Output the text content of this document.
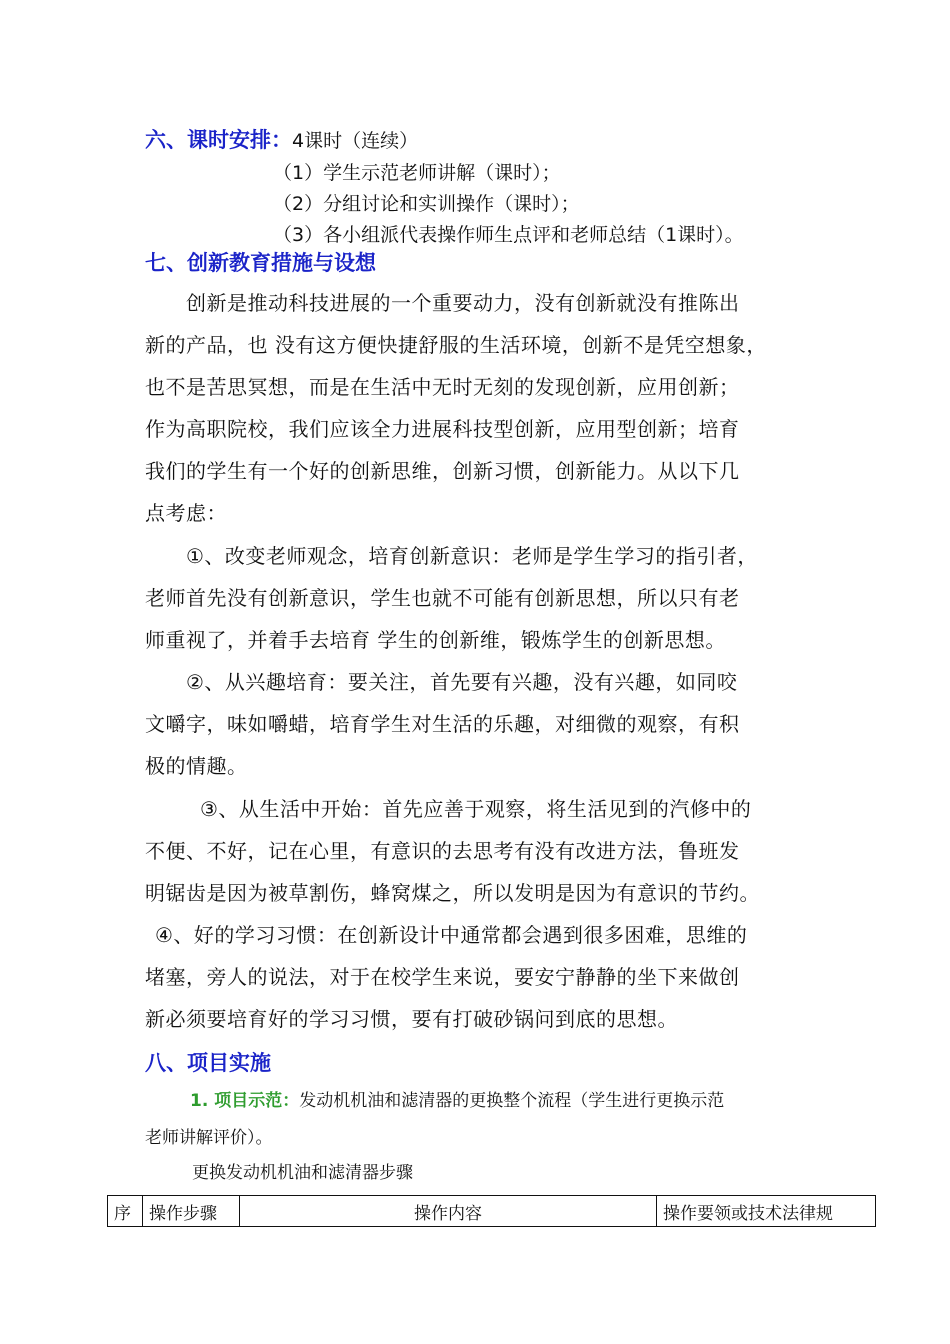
六、课时安排：4课时（连续）
（1）学生示范老师讲解（课时）；
（2）分组讨论和实训操作（课时）；
（3）各小组派代表操作师生点评和老师总结（1课时）。
七、创新教育措施与设想
创新是推动科技进展的一个重要动力，没有创新就没有推陈出
新的产品，也 没有这方便快捷舒服的生活环境，创新不是凭空想象，
也不是苦思冥想，而是在生活中无时无刻的发现创新，应用创新；
作为高职院校，我们应该全力进展科技型创新，应用型创新；培育
我们的学生有一个好的创新思维，创新习惯，创新能力。从以下几
点考虑：
①、改变老师观念，培育创新意识：老师是学生学习的指引者，
老师首先没有创新意识，学生也就不可能有创新思想，所以只有老
师重视了，并着手去培育 学生的创新维，锻炼学生的创新思想。
②、从兴趣培育：要关注，首先要有兴趣，没有兴趣，如同咬
文嚼字，味如嚼蜡，培育学生对生活的乐趣，对细微的观察，有积
极的情趣。
③、从生活中开始：首先应善于观察，将生活见到的汽修中的
不便、不好，记在心里，有意识的去思考有没有改进方法，鲁班发
明锯齿是因为被草割伤，蜂窝煤之，所以发明是因为有意识的节约。
④、好的学习习惯：在创新设计中通常都会遇到很多困难，思维的
堵塞，旁人的说法，对于在校学生来说，要安宁静静的坐下来做创
新必须要培育好的学习习惯，要有打破砂锅问到底的思想。
八、项目实施
1. 项目示范：发动机机油和滤清器的更换整个流程（学生进行更换示范
老师讲解评价）。
更换发动机机油和滤清器步骤
序	操作步骤	操作内容	操作要领或技术法律规
